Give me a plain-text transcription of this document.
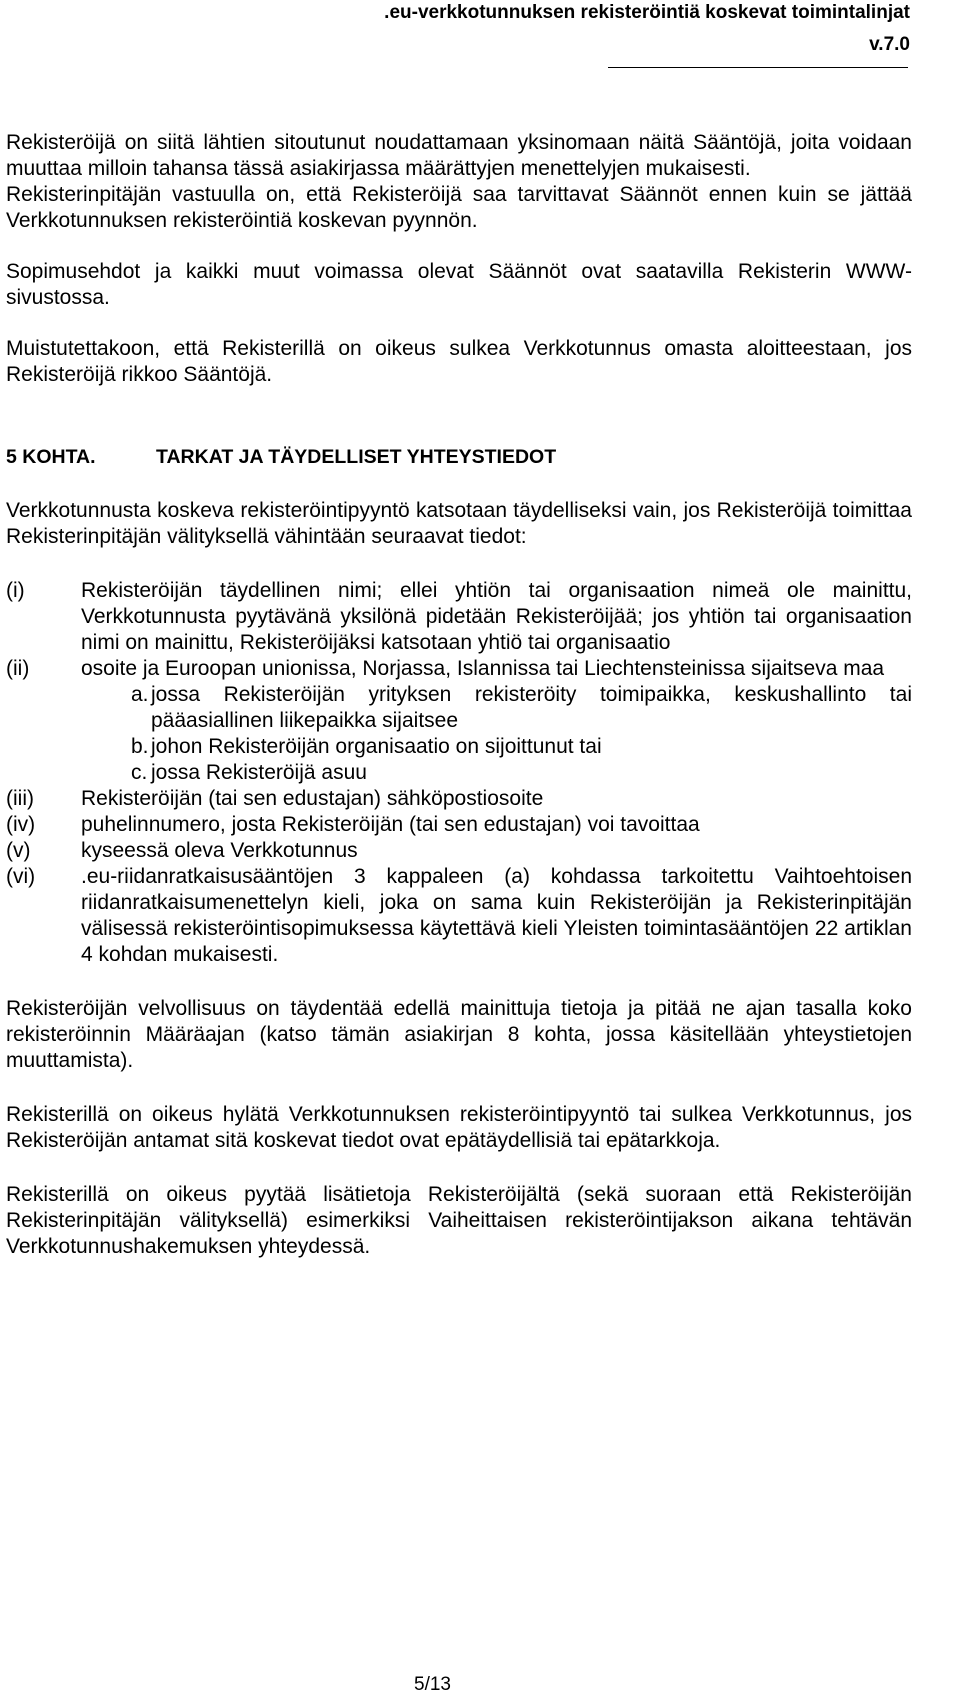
.eu-verkkotunnuksen rekisteröintiä koskevat toimintalinjat
v.7.0

Rekisteröijä on siitä lähtien sitoutunut noudattamaan yksinomaan näitä Sääntöjä, joita voidaan muuttaa milloin tahansa tässä asiakirjassa määrättyjen menettelyjen mukaisesti.

Rekisterinpitäjän vastuulla on, että Rekisteröijä saa tarvittavat Säännöt ennen kuin se jättää Verkkotunnuksen rekisteröintiä koskevan pyynnön.

Sopimusehdot ja kaikki muut voimassa olevat Säännöt ovat saatavilla Rekisterin WWW-sivustossa.

Muistutettakoon, että Rekisterillä on oikeus sulkea Verkkotunnus omasta aloitteestaan, jos Rekisteröijä rikkoo Sääntöjä.

5 KOHTA.	TARKAT JA TÄYDELLISET YHTEYSTIEDOT

Verkkotunnusta koskeva rekisteröintipyyntö katsotaan täydelliseksi vain, jos Rekisteröijä toimittaa Rekisterinpitäjän välityksellä vähintään seuraavat tiedot:

(i)	Rekisteröijän täydellinen nimi; ellei yhtiön tai organisaation nimeä ole mainittu, Verkkotunnusta pyytävänä yksilönä pidetään Rekisteröijää; jos yhtiön tai organisaation nimi on mainittu, Rekisteröijäksi katsotaan yhtiö tai organisaatio
(ii)	osoite ja Euroopan unionissa, Norjassa, Islannissa tai Liechtensteinissa sijaitseva maa
a. jossa Rekisteröijän yrityksen rekisteröity toimipaikka, keskushallinto tai pääasiallinen liikepaikka sijaitsee
b. johon Rekisteröijän organisaatio on sijoittunut tai
c. jossa Rekisteröijä asuu
(iii)	Rekisteröijän (tai sen edustajan) sähköpostiosoite
(iv)	puhelinnumero, josta Rekisteröijän (tai sen edustajan) voi tavoittaa
(v)	kyseessä oleva Verkkotunnus
(vi)	.eu-riidanratkaisusääntöjen 3 kappaleen (a) kohdassa tarkoitettu Vaihtoehtoisen riidanratkaisumenettelyn kieli, joka on sama kuin Rekisteröijän ja Rekisterinpitäjän välisessä rekisteröintisopimuksessa käytettävä kieli Yleisten toimintasääntöjen 22 artiklan 4 kohdan mukaisesti.

Rekisteröijän velvollisuus on täydentää edellä mainittuja tietoja ja pitää ne ajan tasalla koko rekisteröinnin Määräajan (katso tämän asiakirjan 8 kohta, jossa käsitellään yhteystietojen muuttamista).

Rekisterillä on oikeus hylätä Verkkotunnuksen rekisteröintipyyntö tai sulkea Verkkotunnus, jos Rekisteröijän antamat sitä koskevat tiedot ovat epätäydellisiä tai epätarkkoja.

Rekisterillä on oikeus pyytää lisätietoja Rekisteröijältä (sekä suoraan että Rekisteröijän Rekisterinpitäjän välityksellä) esimerkiksi Vaiheittaisen rekisteröintijakson aikana tehtävän Verkkotunnushakemuksen yhteydessä.

5/13
